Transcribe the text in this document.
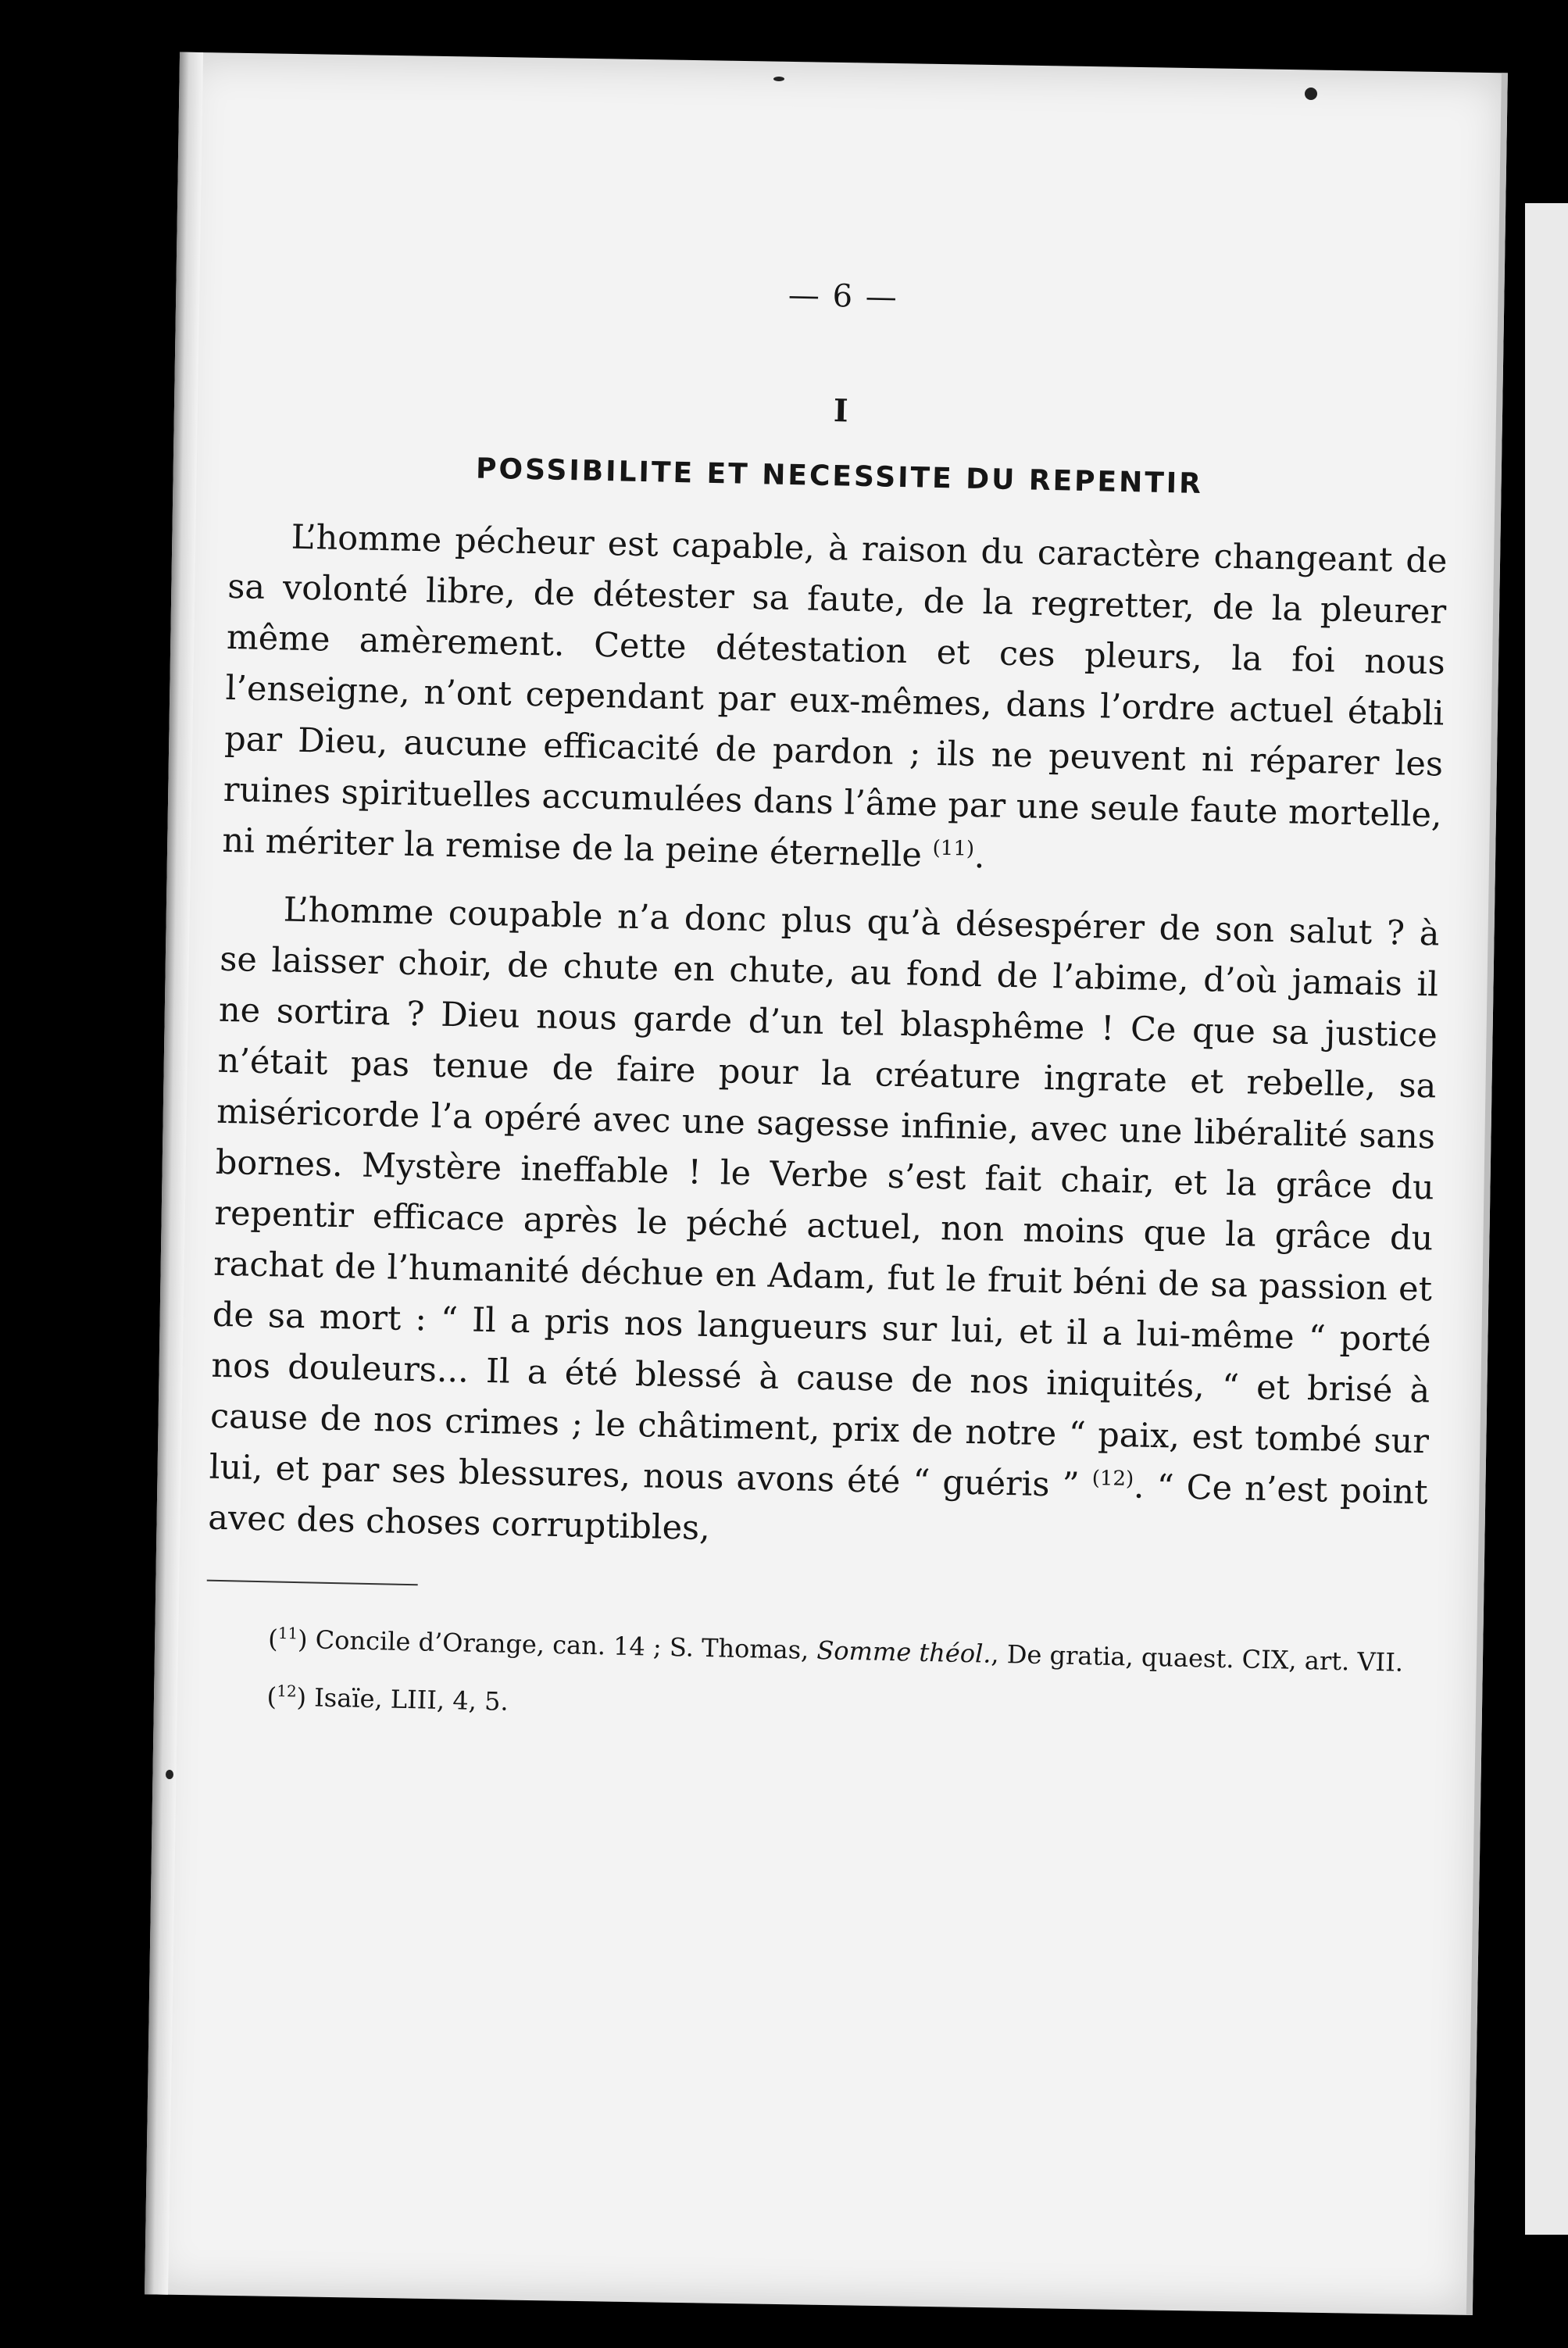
— 6 —
I
POSSIBILITE ET NECESSITE DU REPENTIR

L’homme pécheur est capable, à raison du caractère changeant de sa volonté libre, de détester sa faute, de la regretter, de la pleurer même amèrement. Cette détestation et ces pleurs, la foi nous l’enseigne, n’ont cependant par eux-mêmes, dans l’ordre actuel établi par Dieu, aucune efficacité de pardon ; ils ne peuvent ni réparer les ruines spirituelles accumulées dans l’âme par une seule faute mortelle, ni mériter la remise de la peine éternelle $^{(11)}$.

L’homme coupable n’a donc plus qu’à désespérer de son salut ? à se laisser choir, de chute en chute, au fond de l’abime, d’où jamais il ne sortira ? Dieu nous garde d’un tel blasphême ! Ce que sa justice n’était pas tenue de faire pour la créature ingrate et rebelle, sa miséricorde l’a opéré avec une sagesse infinie, avec une libéralité sans bornes. Mystère ineffable ! le Verbe s’est fait chair, et la grâce du repentir efficace après le péché actuel, non moins que la grâce du rachat de l’humanité déchue en Adam, fut le fruit béni de sa passion et de sa mort : “ Il a pris nos langueurs sur lui, et il a lui-même “ porté nos douleurs... Il a été blessé à cause de nos iniquités, “ et brisé à cause de nos crimes ; le châtiment, prix de notre “ paix, est tombé sur lui, et par ses blessures, nous avons été “ guéris ” $^{(12)}$. “ Ce n’est point avec des choses corruptibles,

($^{11}$) Concile d’Orange, can. 14 ; S. Thomas, Somme théol., De gratia, quaest. CIX, art. VII.

($^{12}$) Isaïe, LIII, 4, 5.
